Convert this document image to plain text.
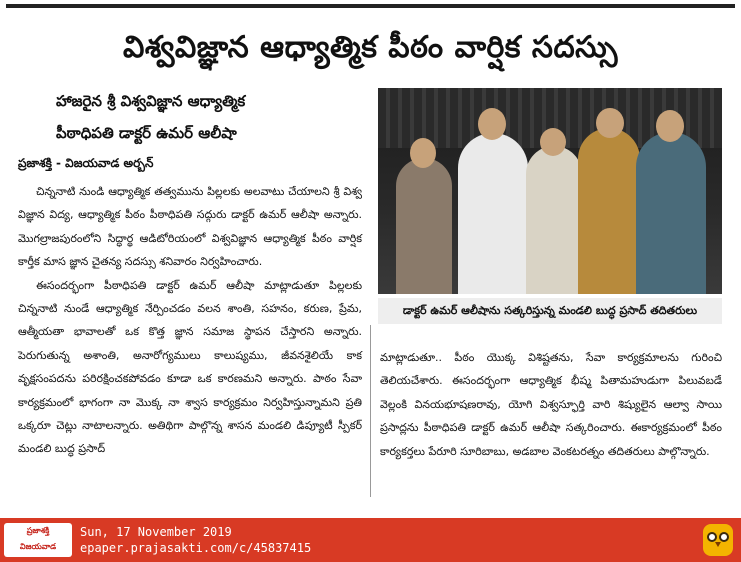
విశ్వవిజ్ఞాన ఆధ్యాత్మిక పీఠం వార్షిక సదస్సు
హాజరైన శ్రీ విశ్వవిజ్ఞాన ఆధ్యాత్మిక
పీఠాధిపతి డాక్టర్ ఉమర్ ఆలీషా
డాక్టర్ ఉమర్ ఆలీషాను సత్కరిస్తున్న మండలి బుద్ధ ప్రసాద్ తదితరులు
ప్రజాశక్తి - విజయవాడ అర్బన్

చిన్ననాటి నుండి ఆధ్యాత్మిక తత్వమును పిల్లలకు అలవాటు చేయాలని శ్రీ విశ్వ విజ్ఞాన విద్య, ఆధ్యాత్మిక పీఠం పీఠాధిపతి సద్గురు డాక్టర్ ఉమర్ ఆలీషా అన్నారు. మొగల్రాజపురంలోని సిద్ధార్థ ఆడిటోరియంలో విశ్వవిజ్ఞాన ఆధ్యాత్మిక పీఠం వార్షిక కార్తీక మాస జ్ఞాన చైతన్య సదస్సు శనివారం నిర్వహించారు.

ఈసందర్భంగా పీఠాధిపతి డాక్టర్ ఉమర్ ఆలీషా మాట్లాడుతూ పిల్లలకు చిన్ననాటి నుండే ఆధ్యాత్మిక నేర్పించడం వలన శాంతి, సహనం, కరుణ, ప్రేమ, ఆత్మీయతా భావాలతో ఒక కొత్త జ్ఞాన సమాజ స్థాపన చేస్తారని అన్నారు. పెరుగుతున్న అశాంతి, అనారోగ్యములు కాలుష్యము, జీవనశైలియే కాక వృక్షసంపదను పరిరక్షించకపోవడం కూడా ఒక కారణమని అన్నారు. పాఠం సేవా కార్యక్రమంలో భాగంగా నా మొక్క నా శ్వాస కార్యక్రమం నిర్వహిస్తున్నామని ప్రతి ఒక్కరూ చెట్లు నాటాలన్నారు. అతిథిగా పాల్గొన్న శాసన మండలి డిప్యూటీ స్పీకర్ మండలి బుద్ధ ప్రసాద్

మాట్లాడుతూ.. పీఠం యొక్క విశిష్టతను, సేవా కార్యక్రమాలను గురించి తెలియచేశారు. ఈసందర్భంగా ఆధ్యాత్మిక భీష్మ పితామహుడుగా పిలువబడే వెల్లంకి వినయభూషణరావు, యోగి విశ్వస్ఫూర్తి వారి శిష్యులైన ఆల్వా సాయి ప్రసాద్లను పీఠాధిపతి డాక్టర్ ఉమర్ ఆలీషా సత్కరించారు. ఈకార్యక్రమంలో పీఠం కార్యకర్తలు పేరూరి సూరిబాబు, అడబాల వెంకటరత్నం తదితరులు పాల్గొన్నారు.

ప్రజాశక్తి
విజయవాడ
Sun, 17 November 2019
epaper.prajasakti.com/c/45837415
